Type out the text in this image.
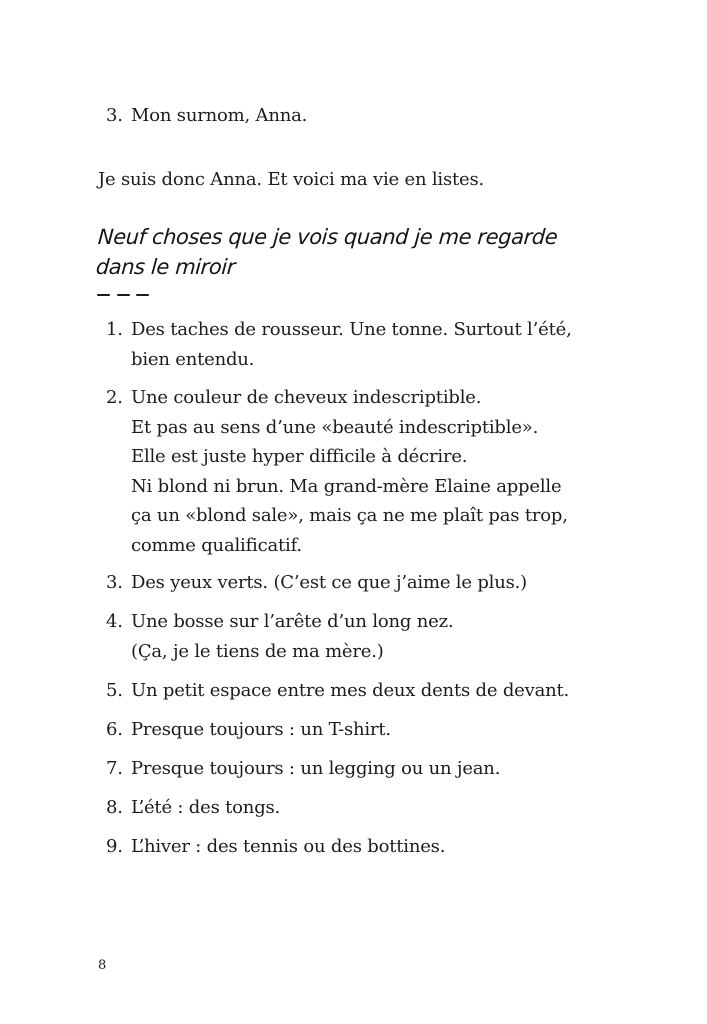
3. Mon surnom, Anna.
Je suis donc Anna. Et voici ma vie en listes.
Neuf choses que je vois quand je me regarde
dans le miroir
1. Des taches de rousseur. Une tonne. Surtout l’été,
bien entendu.
2. Une couleur de cheveux indescriptible.
Et pas au sens d’une «beauté indescriptible».
Elle est juste hyper difficile à décrire.
Ni blond ni brun. Ma grand-mère Elaine appelle
ça un «blond sale», mais ça ne me plaît pas trop,
comme qualificatif.
3. Des yeux verts. (C’est ce que j’aime le plus.)
4. Une bosse sur l’arête d’un long nez.
(Ça, je le tiens de ma mère.)
5. Un petit espace entre mes deux dents de devant.
6. Presque toujours : un T-shirt.
7. Presque toujours : un legging ou un jean.
8. L’été : des tongs.
9. L’hiver : des tennis ou des bottines.
8
